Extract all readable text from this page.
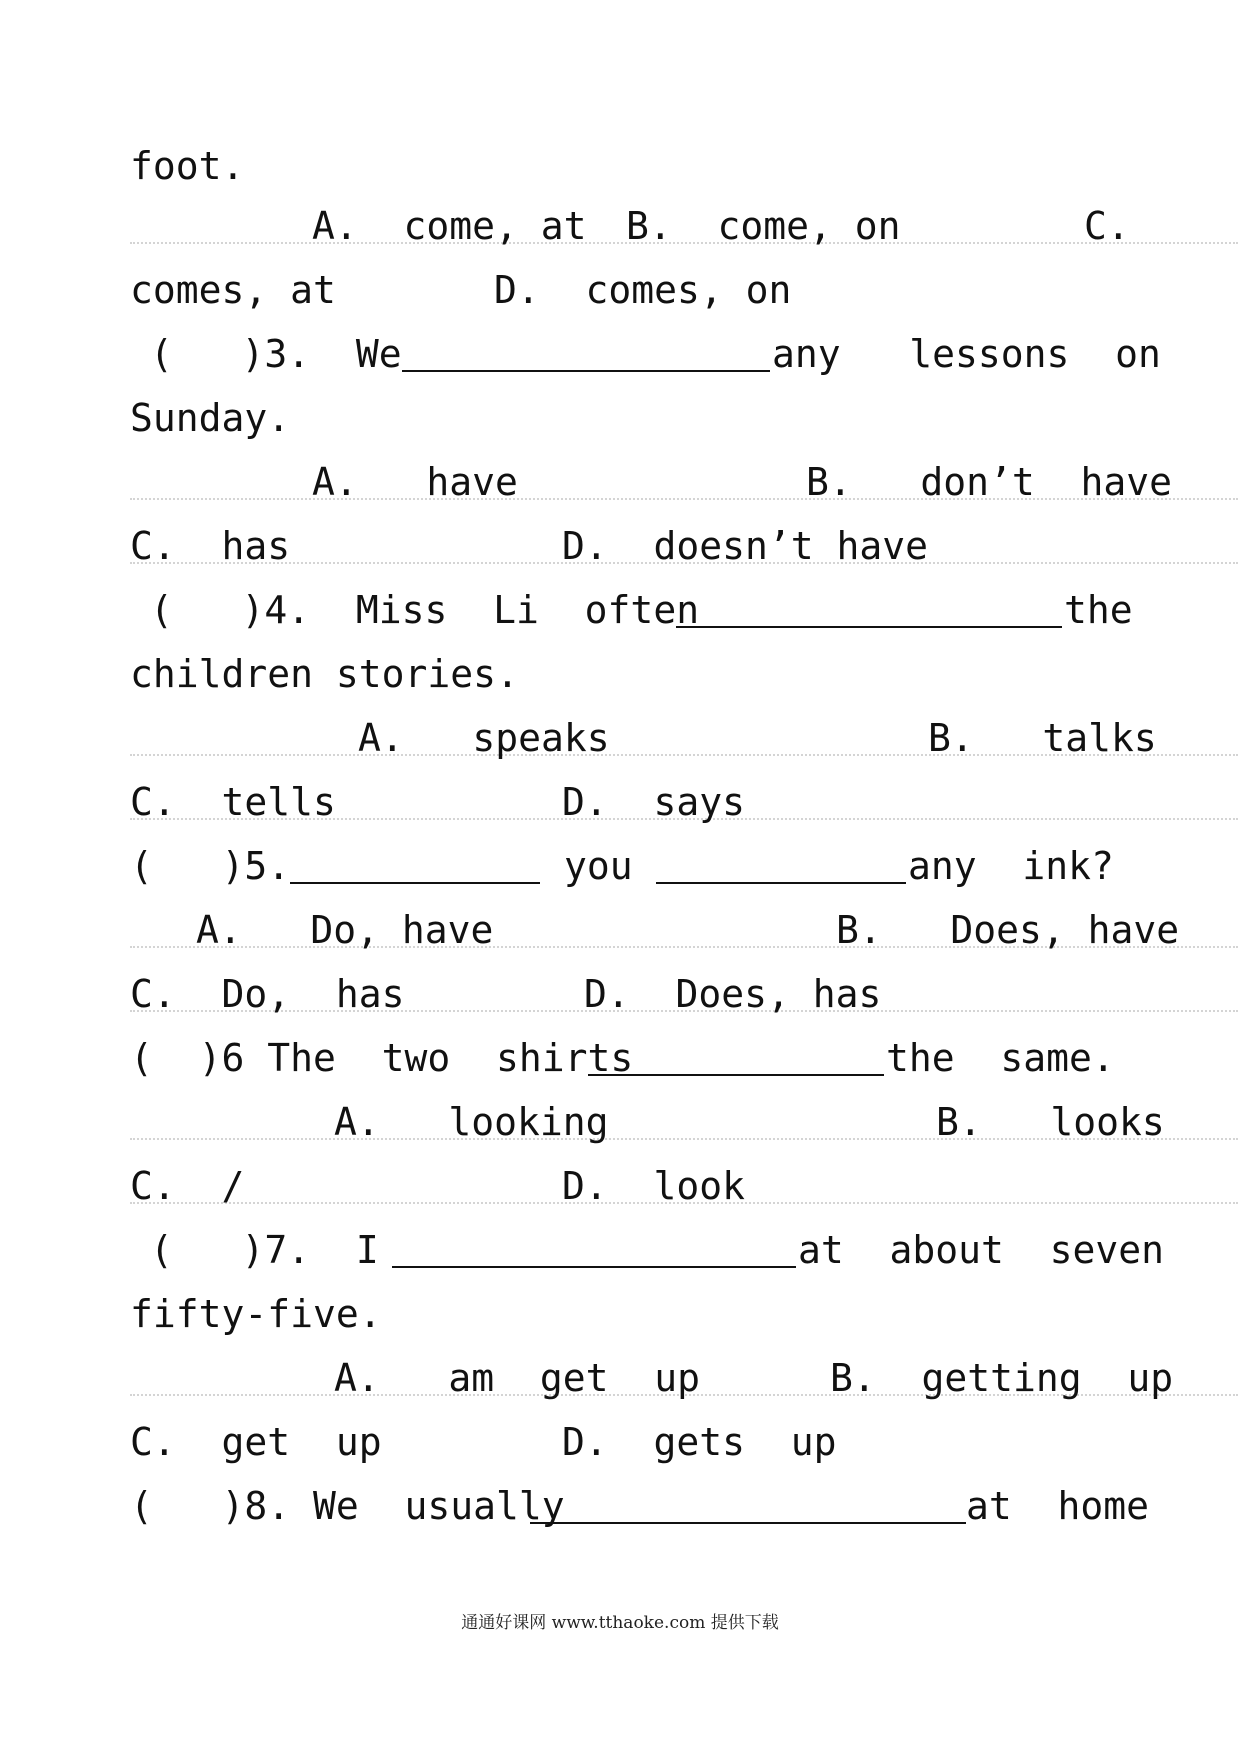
foot.

A.  come, at

B.  come, on

	C.

comes, at

	D.  comes, on

(   )3.  We

	any   lessons  on

Sunday.

A.   have

	B.   don’t  have

C.  has

	D.  doesn’t have

(   )4.  Miss  Li  often

	the

children stories.

A.   speaks

	B.   talks

C.  tells

	D.  says

(   )5.

	you

	any  ink?

A.   Do, have

	B.   Does, have

C.  Do,  has

	D.  Does, has

(  )6 The  two  shirts

	the  same.

A.   looking

	B.   looks

C.  /

	D.  look

(   )7.  I

	at  about  seven

fifty-five.

A.   am  get  up

	B.  getting  up

C.  get  up

	D.  gets  up

(   )8. We  usually

	at  home

通通好课网 www.tthaoke.com 提供下载
